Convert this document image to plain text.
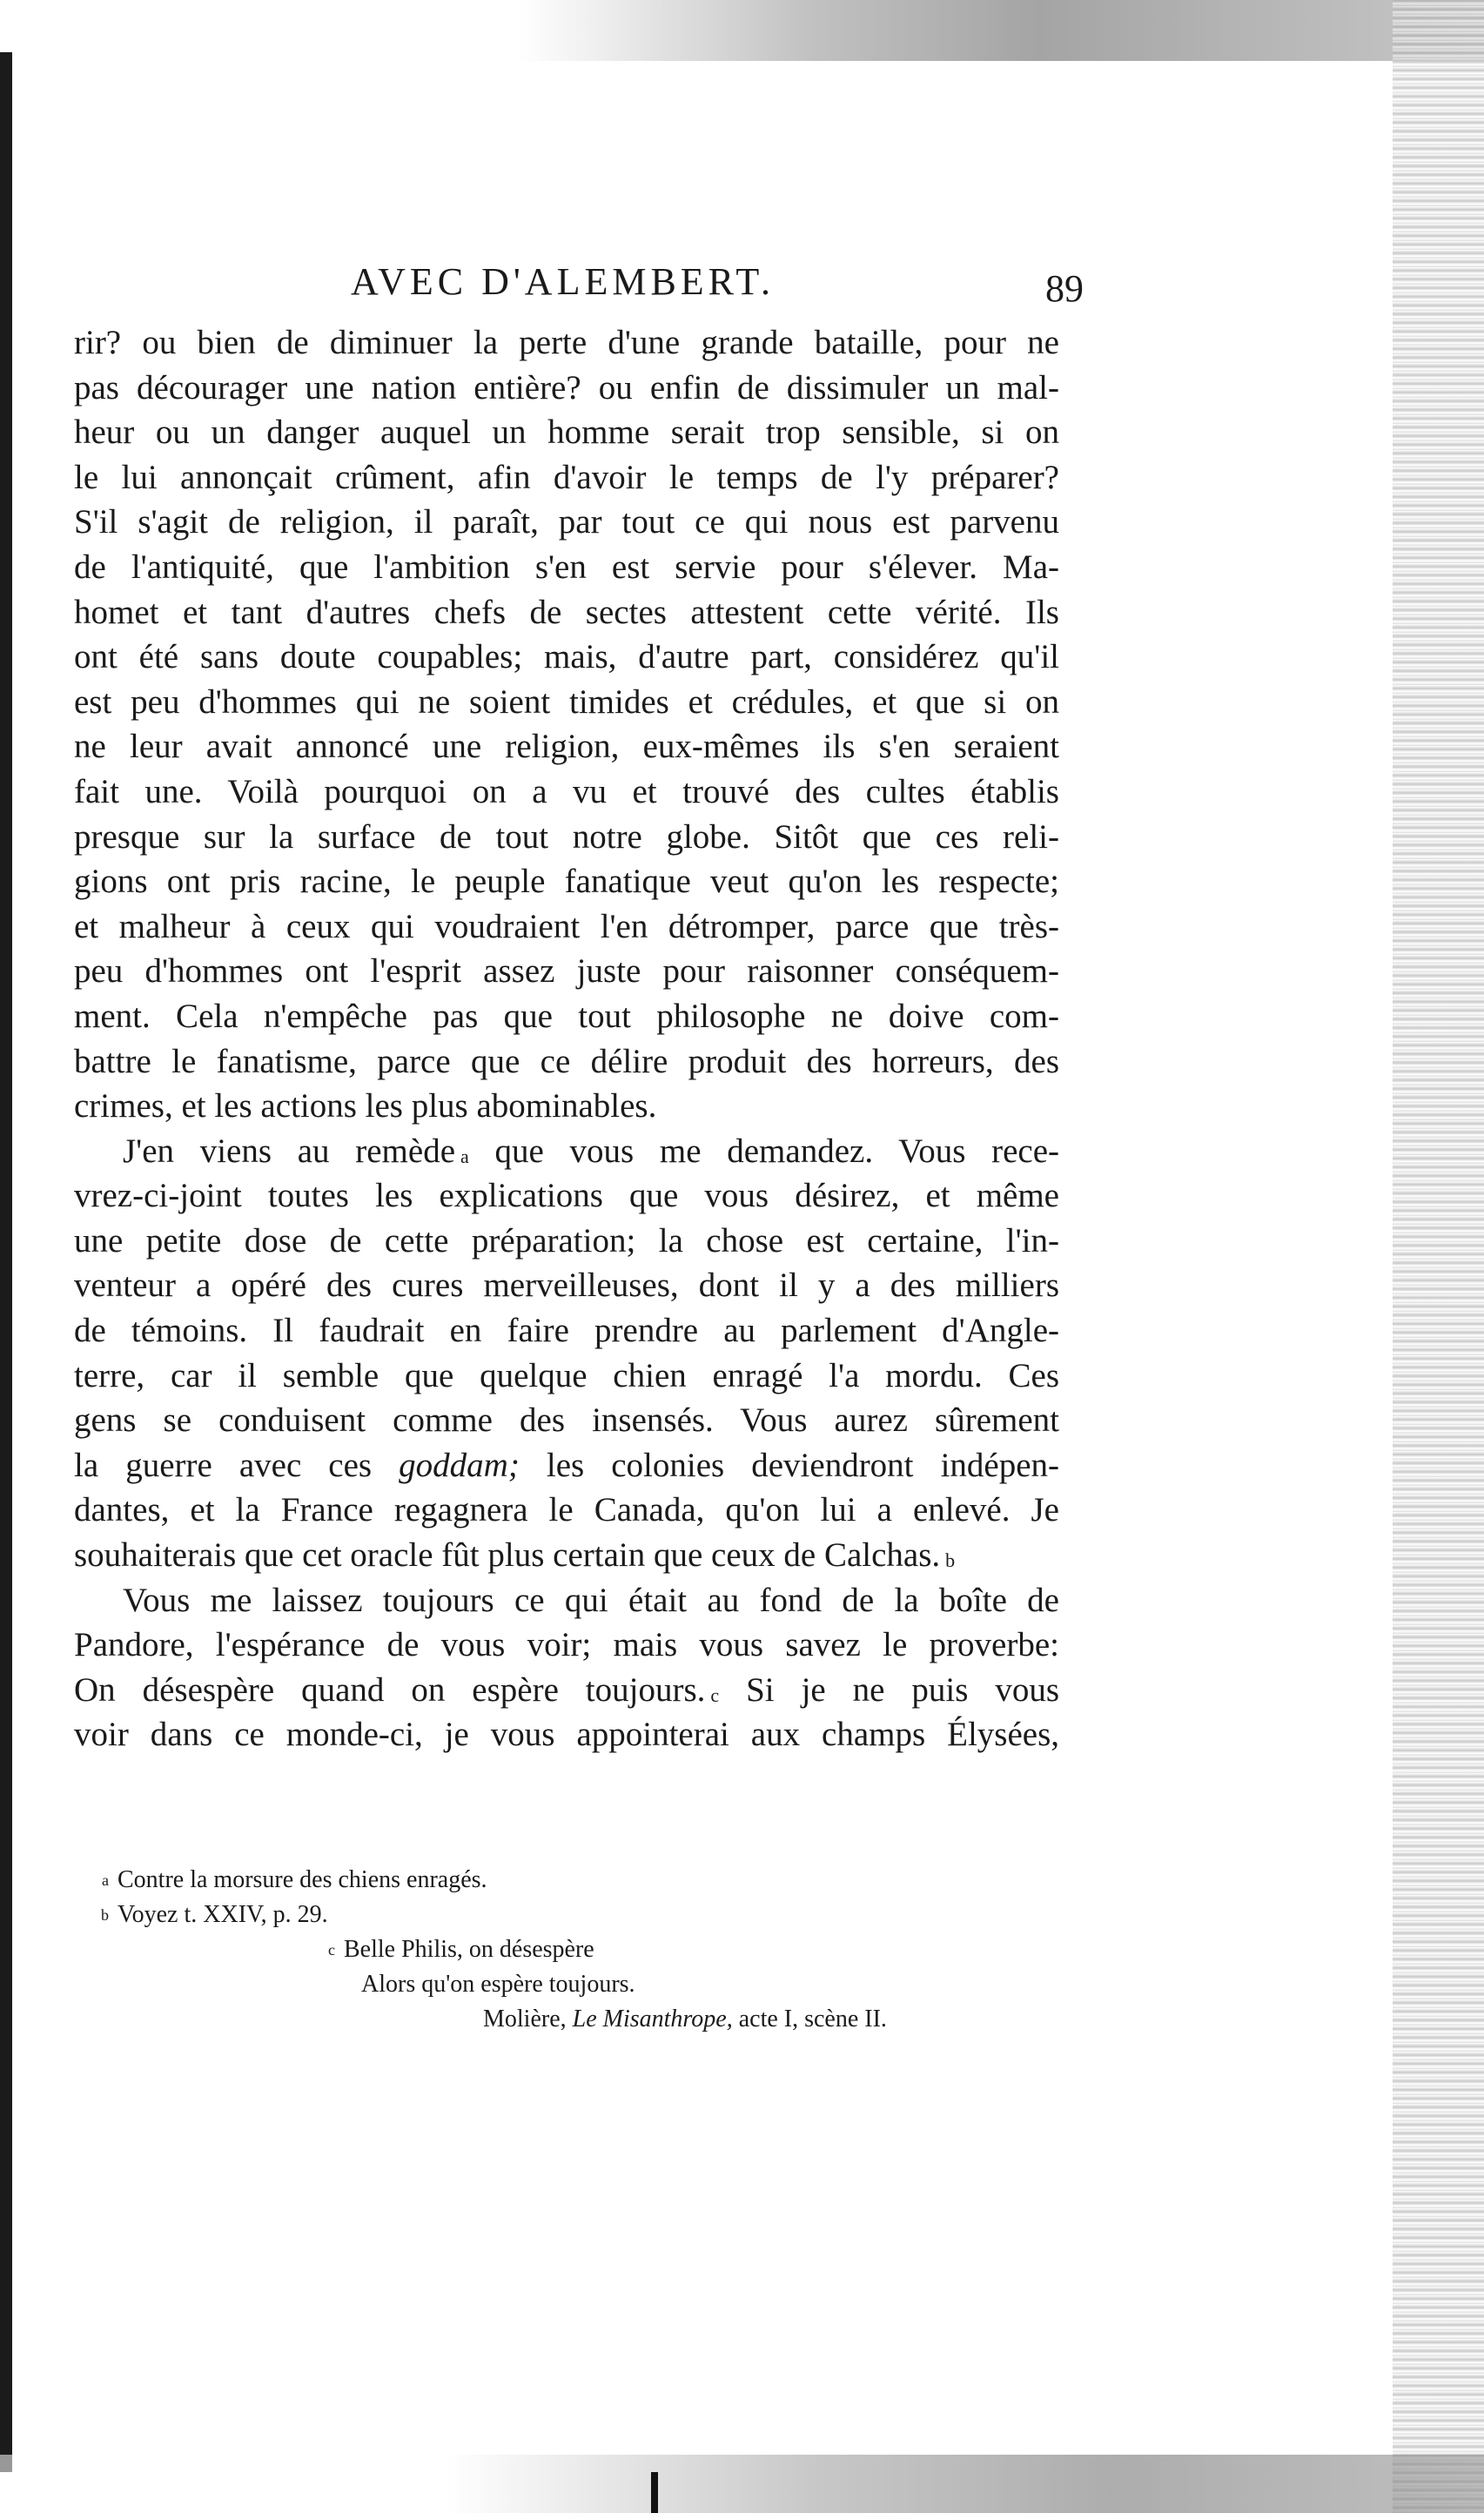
AVEC D'ALEMBERT.	89

rir? ou bien de diminuer la perte d'une grande bataille, pour ne
pas décourager une nation entière? ou enfin de dissimuler un mal-
heur ou un danger auquel un homme serait trop sensible, si on
le lui annonçait crûment, afin d'avoir le temps de l'y préparer?
S'il s'agit de religion, il paraît, par tout ce qui nous est parvenu
de l'antiquité, que l'ambition s'en est servie pour s'élever. Ma-
homet et tant d'autres chefs de sectes attestent cette vérité. Ils
ont été sans doute coupables; mais, d'autre part, considérez qu'il
est peu d'hommes qui ne soient timides et crédules, et que si on
ne leur avait annoncé une religion, eux-mêmes ils s'en seraient
fait une. Voilà pourquoi on a vu et trouvé des cultes établis
presque sur la surface de tout notre globe. Sitôt que ces reli-
gions ont pris racine, le peuple fanatique veut qu'on les respecte;
et malheur à ceux qui voudraient l'en détromper, parce que très-
peu d'hommes ont l'esprit assez juste pour raisonner conséquem-
ment. Cela n'empêche pas que tout philosophe ne doive com-
battre le fanatisme, parce que ce délire produit des horreurs, des
crimes, et les actions les plus abominables.

J'en viens au remède $^a$ que vous me demandez. Vous rece-
vrez-ci-joint toutes les explications que vous désirez, et même
une petite dose de cette préparation; la chose est certaine, l'in-
venteur a opéré des cures merveilleuses, dont il y a des milliers
de témoins. Il faudrait en faire prendre au parlement d'Angle-
terre, car il semble que quelque chien enragé l'a mordu. Ces
gens se conduisent comme des insensés. Vous aurez sûrement
la guerre avec ces goddam; les colonies deviendront indépen-
dantes, et la France regagnera le Canada, qu'on lui a enlevé. Je
souhaiterais que cet oracle fût plus certain que ceux de Calchas. $^b$

Vous me laissez toujours ce qui était au fond de la boîte de
Pandore, l'espérance de vous voir; mais vous savez le proverbe:
On désespère quand on espère toujours. $^c$ Si je ne puis vous
voir dans ce monde-ci, je vous appointerai aux champs Élysées,

a Contre la morsure des chiens enragés.
b Voyez t. XXIV, p. 29.
c Belle Philis, on désespère
Alors qu'on espère toujours.
Molière, Le Misanthrope, acte I, scène II.
